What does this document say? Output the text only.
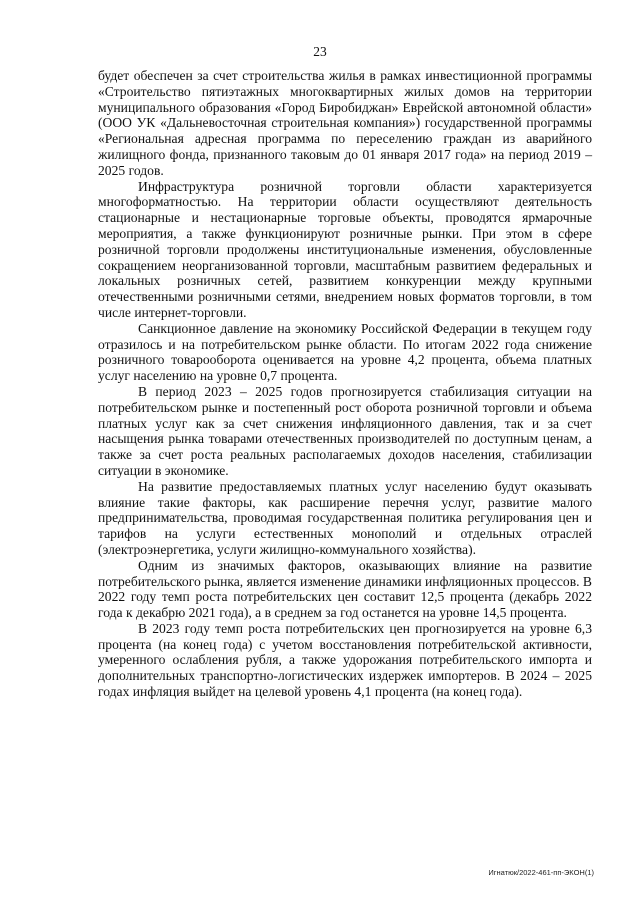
23

будет обеспечен за счет строительства жилья в рамках инвестиционной программы «Строительство пятиэтажных многоквартирных жилых домов на территории муниципального образования «Город Биробиджан» Еврейской автономной области» (ООО УК «Дальневосточная строительная компания») государственной программы «Региональная адресная программа по переселению граждан из аварийного жилищного фонда, признанного таковым до 01 января 2017 года» на период 2019 – 2025 годов.

Инфраструктура розничной торговли области характеризуется многоформатностью. На территории области осуществляют деятельность стационарные и нестационарные торговые объекты, проводятся ярмарочные мероприятия, а также функционируют розничные рынки. При этом в сфере розничной торговли продолжены институциональные изменения, обусловленные сокращением неорганизованной торговли, масштабным развитием федеральных и локальных розничных сетей, развитием конкуренции между крупными отечественными розничными сетями, внедрением новых форматов торговли, в том числе интернет-торговли.

Санкционное давление на экономику Российской Федерации в текущем году отразилось и на потребительском рынке области. По итогам 2022 года снижение розничного товарооборота оценивается на уровне 4,2 процента, объема платных услуг населению на уровне 0,7 процента.

В период 2023 – 2025 годов прогнозируется стабилизация ситуации на потребительском рынке и постепенный рост оборота розничной торговли и объема платных услуг как за счет снижения инфляционного давления, так и за счет насыщения рынка товарами отечественных производителей по доступным ценам, а также за счет роста реальных располагаемых доходов населения, стабилизации ситуации в экономике.

На развитие предоставляемых платных услуг населению будут оказывать влияние такие факторы, как расширение перечня услуг, развитие малого предпринимательства, проводимая государственная политика регулирования цен и тарифов на услуги естественных монополий и отдельных отраслей (электроэнергетика, услуги жилищно-коммунального хозяйства).

Одним из значимых факторов, оказывающих влияние на развитие потребительского рынка, является изменение динамики инфляционных процессов. В 2022 году темп роста потребительских цен составит 12,5 процента (декабрь 2022 года к декабрю 2021 года), а в среднем за год останется на уровне 14,5 процента.

В 2023 году темп роста потребительских цен прогнозируется на уровне 6,3 процента (на конец года) с учетом восстановления потребительской активности, умеренного ослабления рубля, а также удорожания потребительского импорта и дополнительных транспортно-логистических издержек импортеров. В 2024 – 2025 годах инфляция выйдет на целевой уровень 4,1 процента (на конец года).

Игнатюк/2022-461-пп-ЭКОН(1)
